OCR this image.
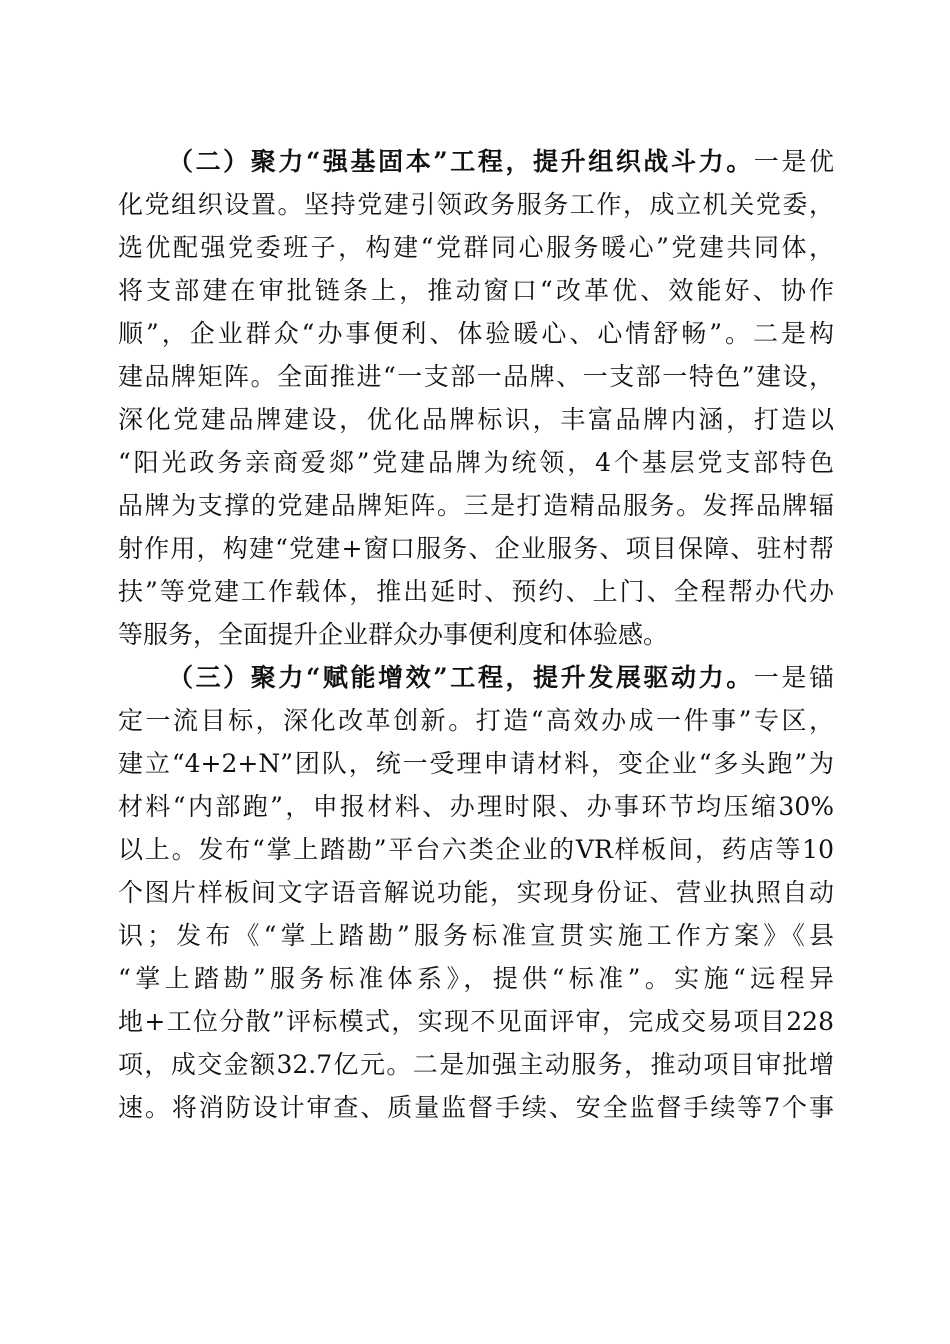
（二）聚力“强基固本”工程，提升组织战斗力。一是优
化党组织设置。坚持党建引领政务服务工作，成立机关党委，
选优配强党委班子，构建“党群同心服务暖心”党建共同体，
将支部建在审批链条上，推动窗口“改革优、效能好、协作
顺”，企业群众“办事便利、体验暖心、心情舒畅”。二是构
建品牌矩阵。全面推进“一支部一品牌、一支部一特色”建设，
深化党建品牌建设，优化品牌标识，丰富品牌内涵，打造以
“阳光政务亲商爱郯”党建品牌为统领，4个基层党支部特色
品牌为支撑的党建品牌矩阵。三是打造精品服务。发挥品牌辐
射作用，构建“党建+窗口服务、企业服务、项目保障、驻村帮
扶”等党建工作载体，推出延时、预约、上门、全程帮办代办
等服务，全面提升企业群众办事便利度和体验感。
（三）聚力“赋能增效”工程，提升发展驱动力。一是锚
定一流目标，深化改革创新。打造“高效办成一件事”专区，
建立“4+2+N”团队，统一受理申请材料，变企业“多头跑”为
材料“内部跑”，申报材料、办理时限、办事环节均压缩30%
以上。发布“掌上踏勘”平台六类企业的VR样板间，药店等10
个图片样板间文字语音解说功能，实现身份证、营业执照自动
识；发布《“掌上踏勘”服务标准宣贯实施工作方案》《县
“掌上踏勘”服务标准体系》，提供“标准”。实施“远程异
地+工位分散”评标模式，实现不见面评审，完成交易项目228
项，成交金额32.7亿元。二是加强主动服务，推动项目审批增
速。将消防设计审查、质量监督手续、安全监督手续等7个事
